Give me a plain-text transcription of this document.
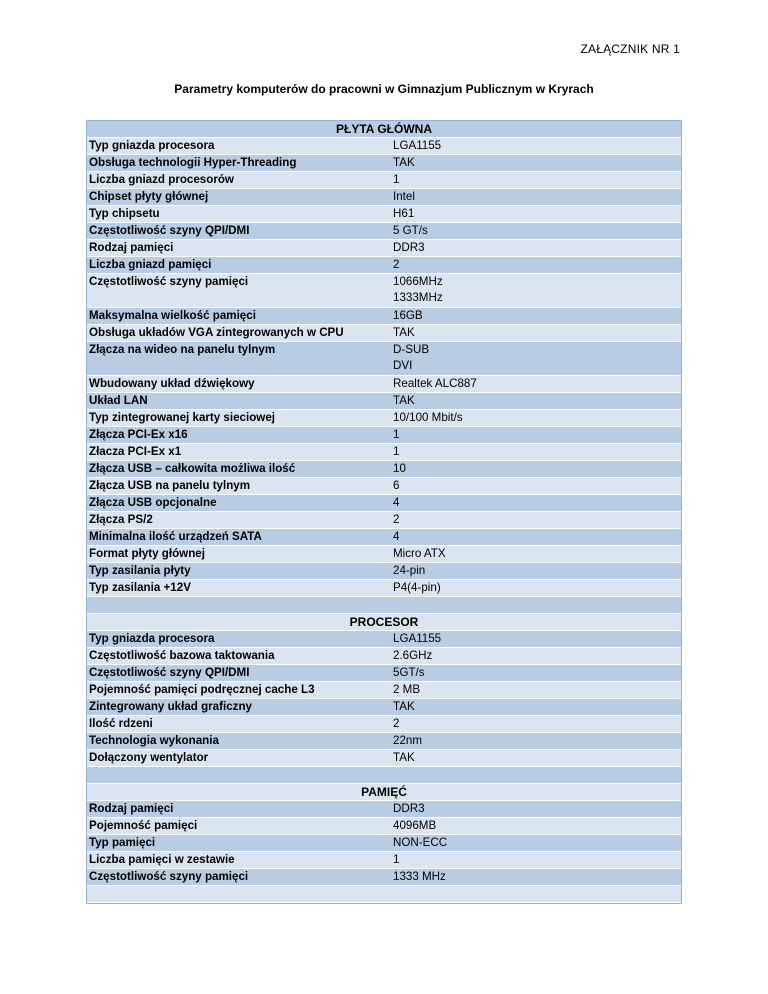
ZAŁĄCZNIK NR 1
Parametry komputerów do pracowni w Gimnazjum Publicznym w Kryrach
PŁYTA GŁÓWNA
Typ gniazda procesora	LGA1155
Obsługa technologii Hyper-Threading	TAK
Liczba gniazd procesorów	1
Chipset płyty głównej	Intel
Typ chipsetu	H61
Częstotliwość szyny QPI/DMI	5 GT/s
Rodzaj pamięci	DDR3
Liczba gniazd pamięci	2
Częstotliwość szyny pamięci	1066MHz
1333MHz
Maksymalna wielkość pamięci	16GB
Obsługa układów VGA zintegrowanych w CPU	TAK
Złącza na wideo na panelu tylnym	D-SUB
DVI
Wbudowany układ dźwiękowy	Realtek ALC887
Układ LAN	TAK
Typ zintegrowanej karty sieciowej	10/100 Mbit/s
Złącza PCI-Ex x16	1
Złacza PCI-Ex x1	1
Złącza USB – całkowita możliwa ilość	10
Złącza USB na panelu tylnym	6
Złącza USB opcjonalne	4
Złącza PS/2	2
Minimalna ilość urządzeń SATA	4
Format płyty głównej	Micro ATX
Typ zasilania płyty	24-pin
Typ zasilania +12V	P4(4-pin)
PROCESOR
Typ gniazda procesora	LGA1155
Częstotliwość bazowa taktowania	2.6GHz
Częstotliwość szyny QPI/DMI	5GT/s
Pojemność pamięci podręcznej cache L3	2 MB
Zintegrowany układ graficzny	TAK
Ilość rdzeni	2
Technologia wykonania	22nm
Dołączony wentylator	TAK
PAMIĘĆ
Rodzaj pamięci	DDR3
Pojemność pamięci	4096MB
Typ pamięci	NON-ECC
Liczba pamięci w zestawie	1
Częstotliwość szyny pamięci	1333 MHz
